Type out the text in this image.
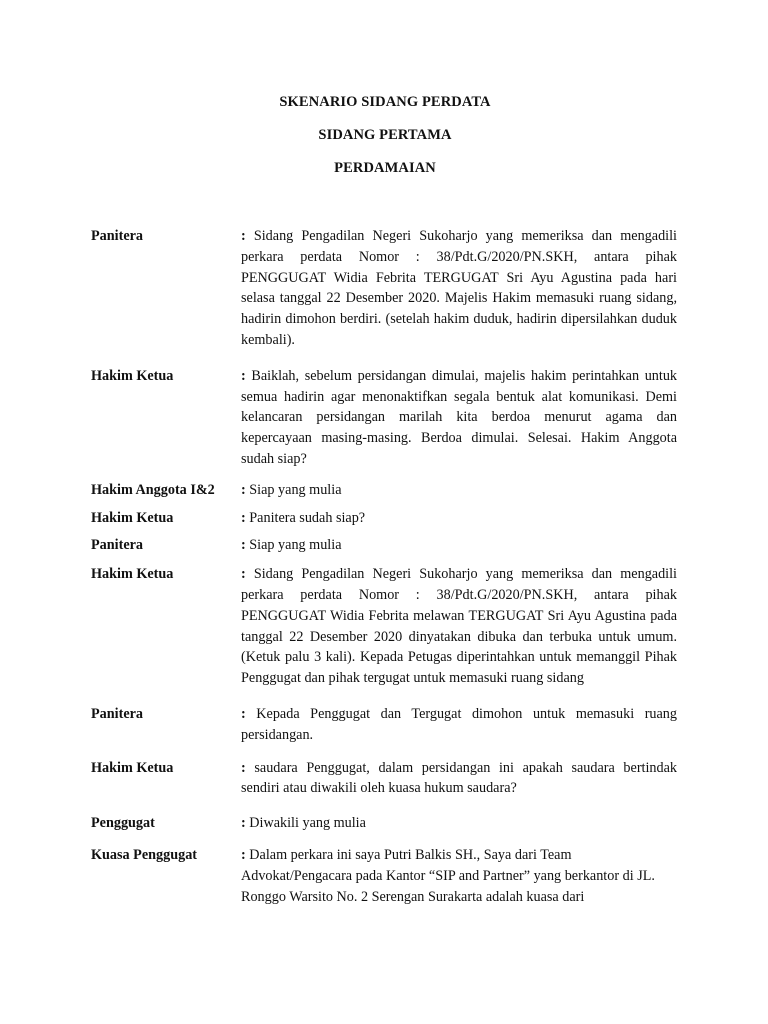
SKENARIO SIDANG PERDATA
SIDANG PERTAMA
PERDAMAIAN
Panitera	: Sidang Pengadilan Negeri Sukoharjo yang memeriksa dan mengadili perkara perdata Nomor : 38/Pdt.G/2020/PN.SKH, antara pihak PENGGUGAT Widia Febrita TERGUGAT Sri Ayu Agustina pada hari selasa tanggal 22 Desember 2020. Majelis Hakim memasuki ruang sidang, hadirin dimohon berdiri. (setelah hakim duduk, hadirin dipersilahkan duduk kembali).
Hakim Ketua	: Baiklah, sebelum persidangan dimulai, majelis hakim perintahkan untuk semua hadirin agar menonaktifkan segala bentuk alat komunikasi. Demi kelancaran persidangan marilah kita berdoa menurut agama dan kepercayaan masing-masing. Berdoa dimulai. Selesai. Hakim Anggota sudah siap?
Hakim Anggota I&2	: Siap yang mulia
Hakim Ketua	: Panitera sudah siap?
Panitera	: Siap yang mulia
Hakim Ketua	: Sidang Pengadilan Negeri Sukoharjo yang memeriksa dan mengadili perkara perdata Nomor : 38/Pdt.G/2020/PN.SKH, antara pihak PENGGUGAT Widia Febrita melawan TERGUGAT Sri Ayu Agustina pada tanggal 22 Desember 2020 dinyatakan dibuka dan terbuka untuk umum. (Ketuk palu 3 kali). Kepada Petugas diperintahkan untuk memanggil Pihak Penggugat dan pihak tergugat untuk memasuki ruang sidang
Panitera	: Kepada Penggugat dan Tergugat dimohon untuk memasuki ruang persidangan.
Hakim Ketua	: saudara Penggugat, dalam persidangan ini apakah saudara bertindak sendiri atau diwakili oleh kuasa hukum saudara?
Penggugat	: Diwakili yang mulia
Kuasa Penggugat	: Dalam perkara ini saya Putri Balkis SH., Saya dari Team Advokat/Pengacara pada Kantor “SIP and Partner” yang berkantor di JL. Ronggo Warsito No. 2 Serengan Surakarta adalah kuasa dari
